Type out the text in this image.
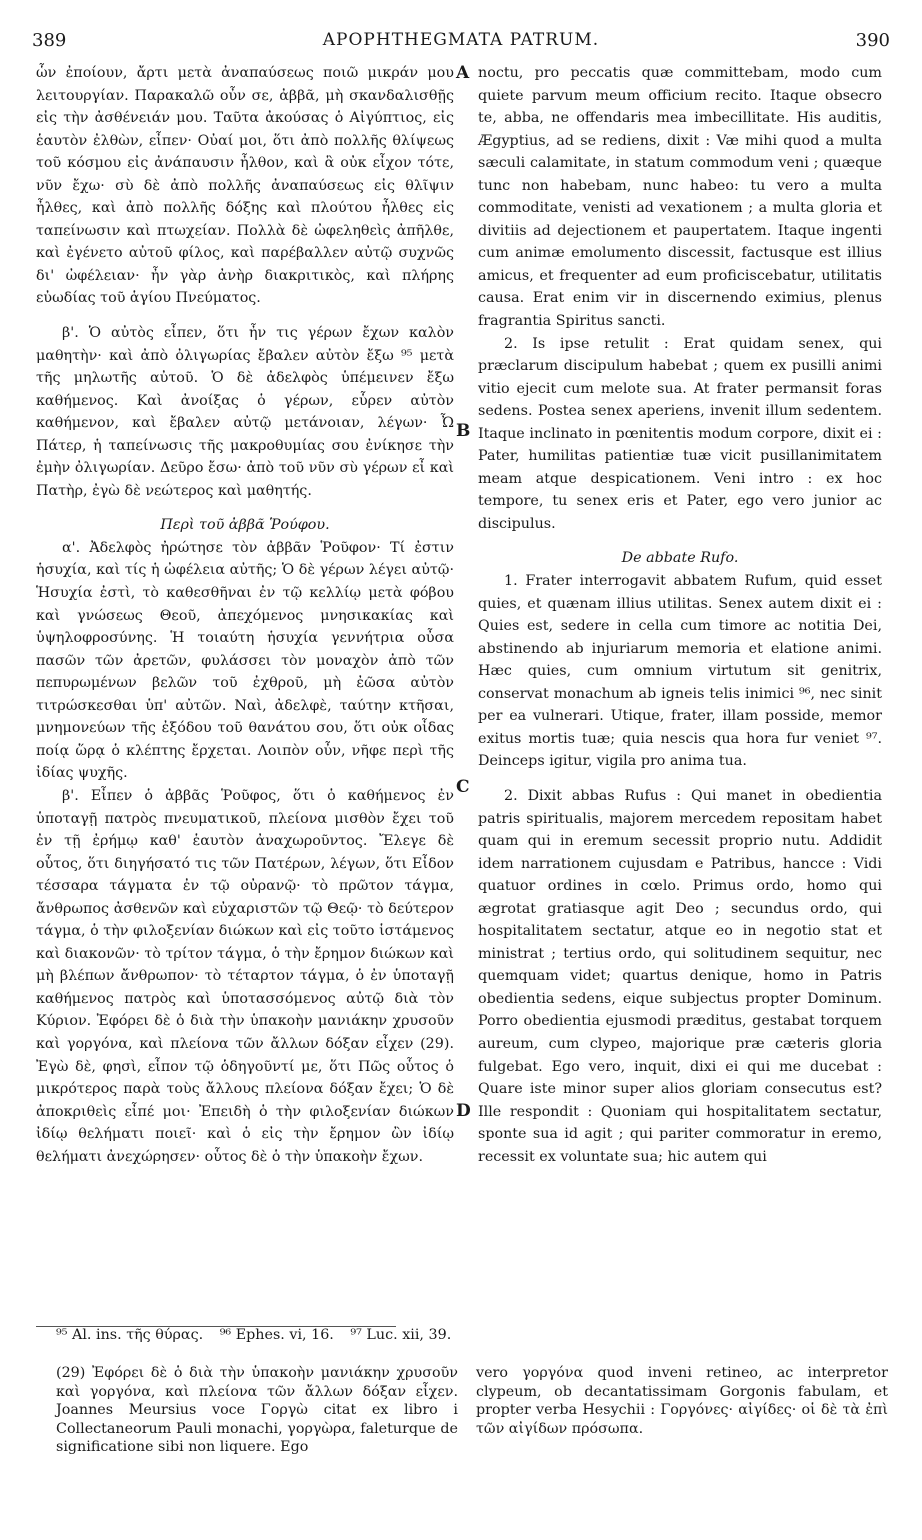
389	APOPHTHEGMATA PATRUM.	390
A
B
C
D

ὧν ἐποίουν, ἄρτι μετὰ ἀναπαύσεως ποιῶ μικράν μου λειτουργίαν. Παρακαλῶ οὖν σε, ἀββᾶ, μὴ σκανδαλισθῇς εἰς τὴν ἀσθένειάν μου. Ταῦτα ἀκούσας ὁ Αἰγύπτιος, εἰς ἑαυτὸν ἐλθὼν, εἶπεν· Οὐαί μοι, ὅτι ἀπὸ πολλῆς θλίψεως τοῦ κόσμου εἰς ἀνάπαυσιν ἦλθον, καὶ ἃ οὐκ εἶχον τότε, νῦν ἔχω· σὺ δὲ ἀπὸ πολλῆς ἀναπαύσεως εἰς θλῖψιν ἦλθες, καὶ ἀπὸ πολλῆς δόξης καὶ πλούτου ἦλθες εἰς ταπείνωσιν καὶ πτωχείαν. Πολλὰ δὲ ὠφεληθεὶς ἀπῆλθε, καὶ ἐγένετο αὐτοῦ φίλος, καὶ παρέβαλλεν αὐτῷ συχνῶς δι' ὠφέλειαν· ἦν γὰρ ἀνὴρ διακριτικὸς, καὶ πλήρης εὐωδίας τοῦ ἁγίου Πνεύματος.

β'. Ὁ αὐτὸς εἶπεν, ὅτι ἦν τις γέρων ἔχων καλὸν μαθητὴν· καὶ ἀπὸ ὀλιγωρίας ἔβαλεν αὐτὸν ἔξω ⁹⁵ μετὰ τῆς μηλωτῆς αὐτοῦ. Ὁ δὲ ἀδελφὸς ὑπέμεινεν ἔξω καθήμενος. Καὶ ἀνοίξας ὁ γέρων, εὗρεν αὐτὸν καθήμενον, καὶ ἔβαλεν αὐτῷ μετάνοιαν, λέγων· Ὦ Πάτερ, ἡ ταπείνωσις τῆς μακροθυμίας σου ἐνίκησε τὴν ἐμὴν ὀλιγωρίαν. Δεῦρο ἔσω· ἀπὸ τοῦ νῦν σὺ γέρων εἶ καὶ Πατὴρ, ἐγὼ δὲ νεώτερος καὶ μαθητής.

Περὶ τοῦ ἀββᾶ Ῥούφου.

α'. Ἀδελφὸς ἠρώτησε τὸν ἀββᾶν Ῥοῦφον· Τί ἐστιν ἡσυχία, καὶ τίς ἡ ὠφέλεια αὐτῆς; Ὁ δὲ γέρων λέγει αὐτῷ· Ἡσυχία ἐστὶ, τὸ καθεσθῆναι ἐν τῷ κελλίῳ μετὰ φόβου καὶ γνώσεως Θεοῦ, ἀπεχόμενος μνησικακίας καὶ ὑψηλοφροσύνης. Ἡ τοιαύτη ἡσυχία γεννήτρια οὖσα πασῶν τῶν ἀρετῶν, φυλάσσει τὸν μοναχὸν ἀπὸ τῶν πεπυρωμένων βελῶν τοῦ ἐχθροῦ, μὴ ἐῶσα αὐτὸν τιτρώσκεσθαι ὑπ' αὐτῶν. Ναὶ, ἀδελφὲ, ταύτην κτῆσαι, μνημονεύων τῆς ἐξόδου τοῦ θανάτου σου, ὅτι οὐκ οἶδας ποίᾳ ὥρᾳ ὁ κλέπτης ἔρχεται. Λοιπὸν οὖν, νῆφε περὶ τῆς ἰδίας ψυχῆς.

β'. Εἶπεν ὁ ἀββᾶς Ῥοῦφος, ὅτι ὁ καθήμενος ἐν ὑποταγῇ πατρὸς πνευματικοῦ, πλείονα μισθὸν ἔχει τοῦ ἐν τῇ ἐρήμῳ καθ' ἑαυτὸν ἀναχωροῦντος. Ἔλεγε δὲ οὗτος, ὅτι διηγήσατό τις τῶν Πατέρων, λέγων, ὅτι Εἶδον τέσσαρα τάγματα ἐν τῷ οὐρανῷ· τὸ πρῶτον τάγμα, ἄνθρωπος ἀσθενῶν καὶ εὐχαριστῶν τῷ Θεῷ· τὸ δεύτερον τάγμα, ὁ τὴν φιλοξενίαν διώκων καὶ εἰς τοῦτο ἱστάμενος καὶ διακονῶν· τὸ τρίτον τάγμα, ὁ τὴν ἔρημον διώκων καὶ μὴ βλέπων ἄνθρωπον· τὸ τέταρτον τάγμα, ὁ ἐν ὑποταγῇ καθήμενος πατρὸς καὶ ὑποτασσόμενος αὐτῷ διὰ τὸν Κύριον. Ἐφόρει δὲ ὁ διὰ τὴν ὑπακοὴν μανιάκην χρυσοῦν καὶ γοργόνα, καὶ πλείονα τῶν ἄλλων δόξαν εἶχεν (29). Ἐγὼ δὲ, φησὶ, εἶπον τῷ ὁδηγοῦντί με, ὅτι Πῶς οὗτος ὁ μικρότερος παρὰ τοὺς ἄλλους πλείονα δόξαν ἔχει; Ὁ δὲ ἀποκριθεὶς εἶπέ μοι· Ἐπειδὴ ὁ τὴν φιλοξενίαν διώκων ἰδίῳ θελήματι ποιεῖ· καὶ ὁ εἰς τὴν ἔρημον ὢν ἰδίῳ θελήματι ἀνεχώρησεν· οὗτος δὲ ὁ τὴν ὑπακοὴν ἔχων.

noctu, pro peccatis quæ committebam, modo cum quiete parvum meum officium recito. Itaque obsecro te, abba, ne offendaris mea imbecillitate. His auditis, Ægyptius, ad se rediens, dixit : Væ mihi quod a multa sæculi calamitate, in statum commodum veni ; quæque tunc non habebam, nunc habeo: tu vero a multa commoditate, venisti ad vexationem ; a multa gloria et divitiis ad dejectionem et paupertatem. Itaque ingenti cum animæ emolumento discessit, factusque est illius amicus, et frequenter ad eum proficiscebatur, utilitatis causa. Erat enim vir in discernendo eximius, plenus fragrantia Spiritus sancti.

2. Is ipse retulit : Erat quidam senex, qui præclarum discipulum habebat ; quem ex pusilli animi vitio ejecit cum melote sua. At frater permansit foras sedens. Postea senex aperiens, invenit illum sedentem. Itaque inclinato in pœnitentis modum corpore, dixit ei : Pater, humilitas patientiæ tuæ vicit pusillanimitatem meam atque despicationem. Veni intro : ex hoc tempore, tu senex eris et Pater, ego vero junior ac discipulus.

De abbate Rufo.

1. Frater interrogavit abbatem Rufum, quid esset quies, et quænam illius utilitas. Senex autem dixit ei : Quies est, sedere in cella cum timore ac notitia Dei, abstinendo ab injuriarum memoria et elatione animi. Hæc quies, cum omnium virtutum sit genitrix, conservat monachum ab igneis telis inimici ⁹⁶, nec sinit per ea vulnerari. Utique, frater, illam posside, memor exitus mortis tuæ; quia nescis qua hora fur veniet ⁹⁷. Deinceps igitur, vigila pro anima tua.

2. Dixit abbas Rufus : Qui manet in obedientia patris spiritualis, majorem mercedem repositam habet quam qui in eremum secessit proprio nutu. Addidit idem narrationem cujusdam e Patribus, hancce : Vidi quatuor ordines in cœlo. Primus ordo, homo qui ægrotat gratiasque agit Deo ; secundus ordo, qui hospitalitatem sectatur, atque eo in negotio stat et ministrat ; tertius ordo, qui solitudinem sequitur, nec quemquam videt; quartus denique, homo in Patris obedientia sedens, eique subjectus propter Dominum. Porro obedientia ejusmodi præditus, gestabat torquem aureum, cum clypeo, majorique præ cæteris gloria fulgebat. Ego vero, inquit, dixi ei qui me ducebat : Quare iste minor super alios gloriam consecutus est? Ille respondit : Quoniam qui hospitalitatem sectatur, sponte sua id agit ; qui pariter commoratur in eremo, recessit ex voluntate sua; hic autem qui

⁹⁵ Al. ins. τῆς θύρας. ⁹⁶ Ephes. vi, 16. ⁹⁷ Luc. xii, 39.

(29) Ἐφόρει δὲ ὁ διὰ τὴν ὑπακοὴν μανιάκην χρυσοῦν καὶ γοργόνα, καὶ πλείονα τῶν ἄλλων δόξαν εἶχεν. Joannes Meursius voce Γοργὼ citat ex libro i Collectaneorum Pauli monachi, γοργὼρα, faleturque de significatione sibi non liquere. Ego

vero γοργόνα quod inveni retineo, ac interpretor clypeum, ob decantatissimam Gorgonis fabulam, et propter verba Hesychii : Γοργόνες· αἰγίδες· οἱ δὲ τὰ ἐπὶ τῶν αἰγίδων πρόσωπα.
